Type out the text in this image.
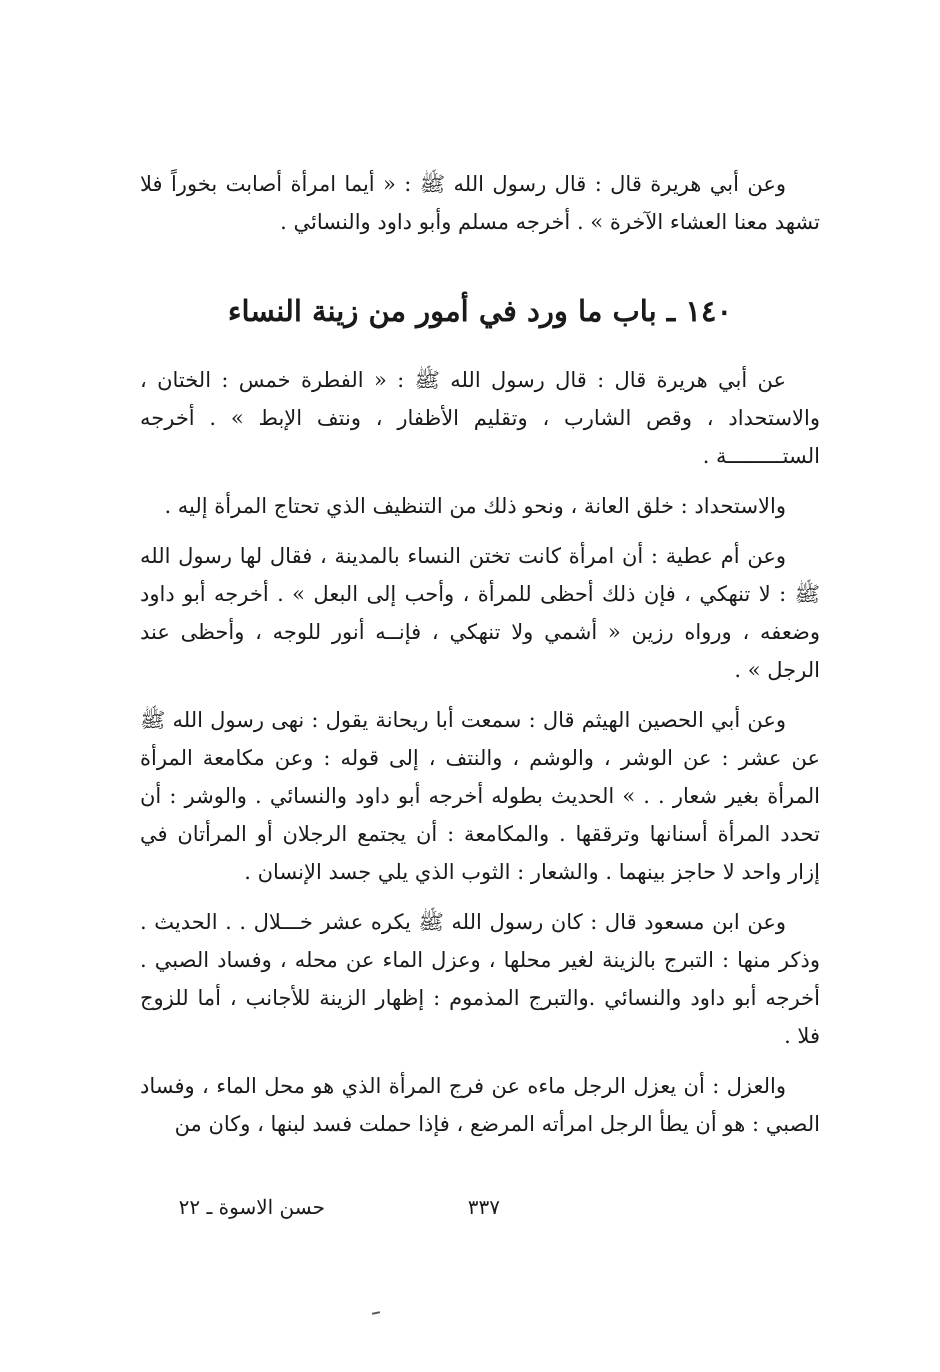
وعن أبي هريرة قال : قال رسول الله ﷺ : « أيما امرأة أصابت بخوراً فلا تشهد معنا العشاء الآخرة » . أخرجه مسلم وأبو داود والنسائي .

١٤٠ ـ باب ما ورد في أمور من زينة النساء

عن أبي هريرة قال : قال رسول الله ﷺ : « الفطرة خمس : الختان ، والاستحداد ، وقص الشارب ، وتقليم الأظفار ، ونتف الإبط » . أخرجه الستـــــــــة .

والاستحداد : خلق العانة ، ونحو ذلك من التنظيف الذي تحتاج المرأة إليه .

وعن أم عطية : أن امرأة كانت تختن النساء بالمدينة ، فقال لها رسول الله ﷺ : لا تنهكي ، فإن ذلك أحظى للمرأة ، وأحب إلى البعل » . أخرجه أبو داود وضعفه ، ورواه رزين « أشمي ولا تنهكي ، فإنــه أنور للوجه ، وأحظى عند الرجل » .

وعن أبي الحصين الهيثم قال : سمعت أبا ريحانة يقول : نهى رسول الله ﷺ عن عشر : عن الوشر ، والوشم ، والنتف ، إلى قوله : وعن مكامعة المرأة المرأة بغير شعار . . » الحديث بطوله أخرجه أبو داود والنسائي . والوشر : أن تحدد المرأة أسنانها وترققها . والمكامعة : أن يجتمع الرجلان أو المرأتان في إزار واحد لا حاجز بينهما . والشعار : الثوب الذي يلي جسد الإنسان .

وعن ابن مسعود قال : كان رسول الله ﷺ يكره عشر خـــلال . . الحديث . وذكر منها : التبرج بالزينة لغير محلها ، وعزل الماء عن محله ، وفساد الصبي . أخرجه أبو داود والنسائي .والتبرج المذموم : إظهار الزينة للأجانب ، أما للزوج فلا .

والعزل : أن يعزل الرجل ماءه عن فرج المرأة الذي هو محل الماء ، وفساد الصبي : هو أن يطأ الرجل امرأته المرضع ، فإذا حملت فسد لبنها ، وكان من

٣٣٧
حسن الاسوة ـ ٢٢
